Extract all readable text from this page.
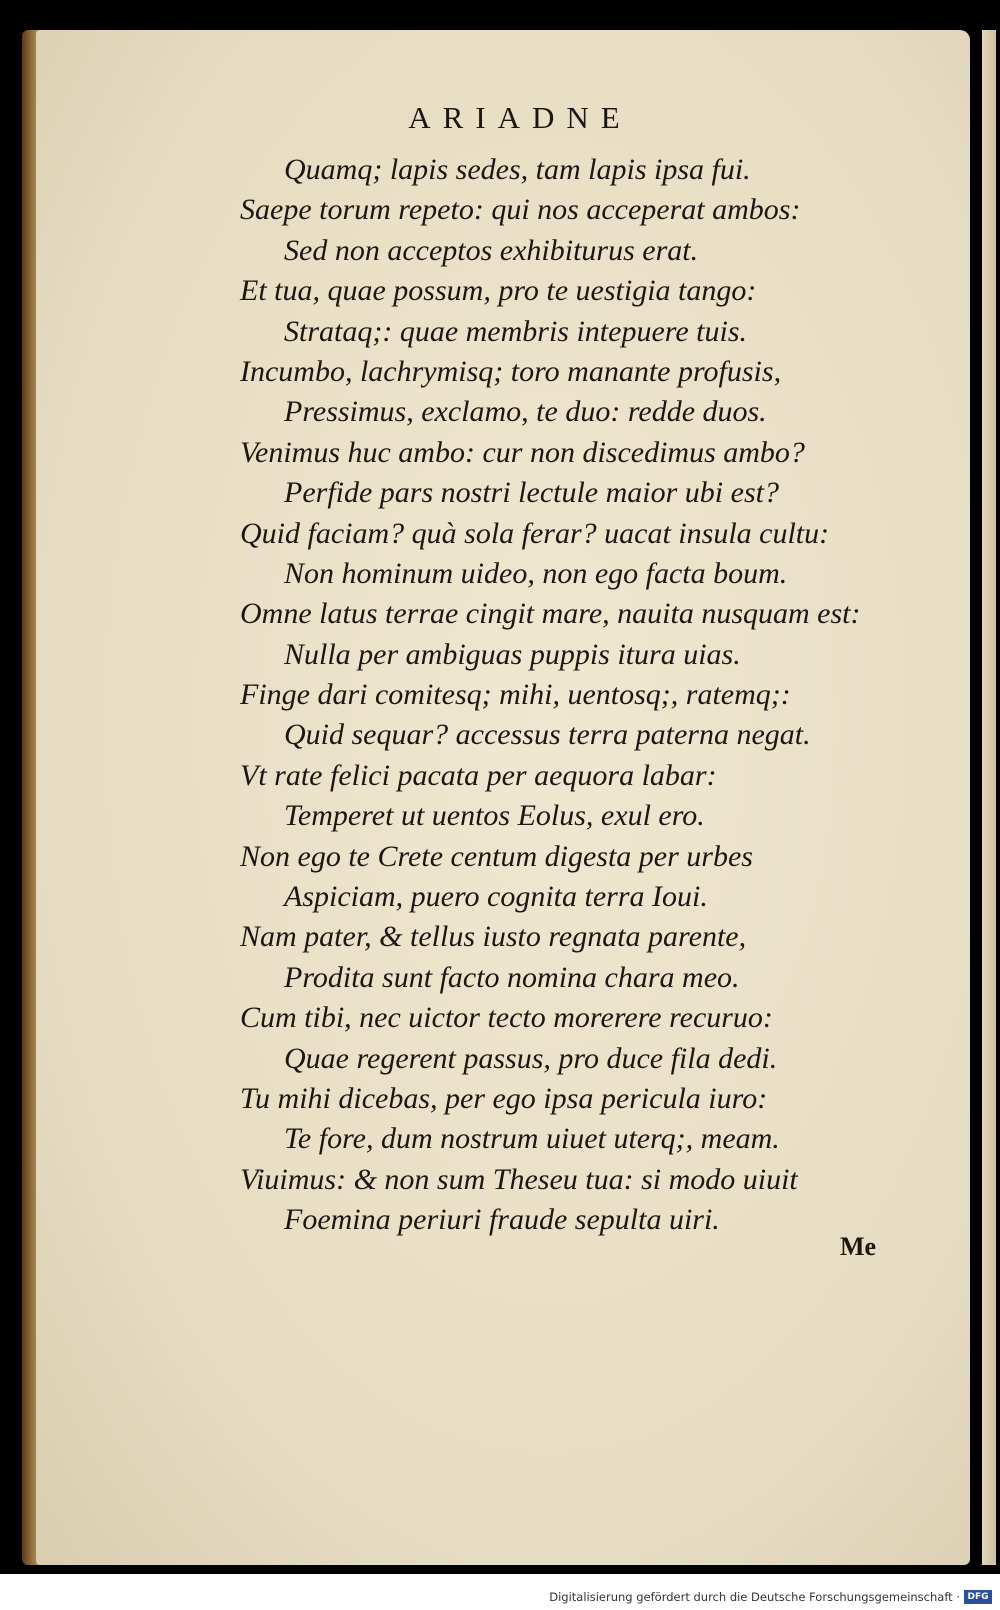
ARIADNE
Quamq; lapis sedes, tam lapis ipsa fui.
Saepe torum repeto: qui nos acceperat ambos:
Sed non acceptos exhibiturus erat.
Et tua, quae possum, pro te uestigia tango:
Strataq;: quae membris intepuere tuis.
Incumbo, lachrymisq; toro manante profusis,
Pressimus, exclamo, te duo: redde duos.
Venimus huc ambo: cur non discedimus ambo?
Perfide pars nostri lectule maior ubi est?
Quid faciam? quà sola ferar? uacat insula cultu:
Non hominum uideo, non ego facta boum.
Omne latus terrae cingit mare, nauita nusquam est:
Nulla per ambiguas puppis itura uias.
Finge dari comitesq; mihi, uentosq;, ratemq;:
Quid sequar? accessus terra paterna negat.
Vt rate felici pacata per aequora labar:
Temperet ut uentos Eolus, exul ero.
Non ego te Crete centum digesta per urbes
Aspiciam, puero cognita terra Ioui.
Nam pater, & tellus iusto regnata parente,
Prodita sunt facto nomina chara meo.
Cum tibi, nec uictor tecto morerere recuruo:
Quae regerent passus, pro duce fila dedi.
Tu mihi dicebas, per ego ipsa pericula iuro:
Te fore, dum nostrum uiuet uterq;, meam.
Viuimus: & non sum Theseu tua: si modo uiuit
Foemina periuri fraude sepulta uiri.
Me
Digitalisierung gefördert durch die Deutsche Forschungsgemeinschaft · DFG
